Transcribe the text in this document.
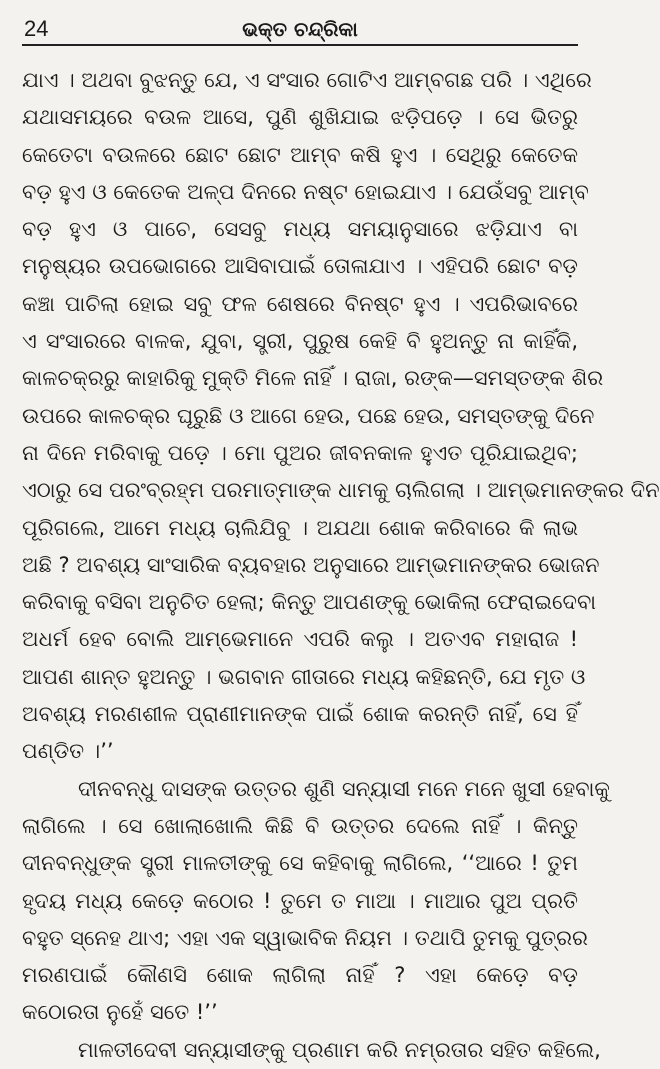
24	ଭକ୍ତ ଚନ୍ଦ୍ରିକା
ଯାଏ । ଅଥବା ବୁଝନ୍ତୁ ଯେ, ଏ ସଂସାର ଗୋଟିଏ ଆମ୍ବଗଛ ପରି । ଏଥିରେ
ଯଥାସମୟରେ ବଉଳ ଆସେ, ପୁଣି ଶୁଖିଯାଇ ଝଡ଼ିପଡ଼େ । ସେ ଭିତରୁ
କେତେଟା ବଉଳରେ ଛୋଟ ଛୋଟ ଆମ୍ବ କଷି ହୁଏ । ସେଥିରୁ କେତେକ
ବଡ଼ ହୁଏ ଓ କେତେକ ଅଳ୍ପ ଦିନରେ ନଷ୍ଟ ହୋଇଯାଏ । ଯେଉଁସବୁ ଆମ୍ବ
ବଡ଼ ହୁଏ ଓ ପାଚେ, ସେସବୁ ମଧ୍ୟ ସମୟାନୁସାରେ ଝଡ଼ିଯାଏ ବା
ମନୁଷ୍ୟର ଉପଭୋଗରେ ଆସିବାପାଇଁ ତୋଳାଯାଏ । ଏହିପରି ଛୋଟ ବଡ଼
କଞ୍ଚା ପାଚିଲା ହୋଇ ସବୁ ଫଳ ଶେଷରେ ବିନଷ୍ଟ ହୁଏ । ଏପରିଭାବରେ
ଏ ସଂସାରରେ ବାଳକ, ଯୁବା, ସ୍ତ୍ରୀ, ପୁରୁଷ କେହି ବି ହୁଅନ୍ତୁ ନା କାହିଁକି,
କାଳଚକ୍ରରୁ କାହାରିକୁ ମୁକ୍ତି ମିଳେ ନାହିଁ । ରାଜା, ରଙ୍କ—ସମସ୍ତଙ୍କ ଶିର
ଉପରେ କାଳଚକ୍ର ଘୂରୁଛି ଓ ଆଗେ ହେଉ, ପଛେ ହେଉ, ସମସ୍ତଙ୍କୁ ଦିନେ
ନା ଦିନେ ମରିବାକୁ ପଡ଼େ । ମୋ ପୁଅର ଜୀବନକାଳ ହୁଏତ ପୂରିଯାଇଥିବ;
ଏଠାରୁ ସେ ପରଂବ୍ରହ୍ମ ପରମାତ୍ମାଙ୍କ ଧାମକୁ ଚାଲିଗଲା । ଆମ୍ଭମାନଙ୍କର ଦିନ
ପୂରିଗଲେ, ଆମେ ମଧ୍ୟ ଚାଲିଯିବୁ । ଅଯଥା ଶୋକ କରିବାରେ କି ଲାଭ
ଅଛି ? ଅବଶ୍ୟ ସାଂସାରିକ ବ୍ୟବହାର ଅନୁସାରେ ଆମ୍ଭମାନଙ୍କର ଭୋଜନ
କରିବାକୁ ବସିବା ଅନୁଚିତ ହେଲା; କିନ୍ତୁ ଆପଣଙ୍କୁ ଭୋକିଲା ଫେରାଇଦେବା
ଅଧର୍ମ ହେବ ବୋଲି ଆମ୍ଭେମାନେ ଏପରି କଲୁ । ଅତଏବ ମହାରାଜ !
ଆପଣ ଶାନ୍ତ ହୁଅନ୍ତୁ । ଭଗବାନ ଗୀତାରେ ମଧ୍ୟ କହିଛନ୍ତି, ଯେ ମୃତ ଓ
ଅବଶ୍ୟ ମରଣଶୀଳ ପ୍ରାଣୀମାନଙ୍କ ପାଇଁ ଶୋକ କରନ୍ତି ନାହିଁ, ସେ ହିଁ
ପଣ୍ଡିତ ।’’
ଦୀନବନ୍ଧୁ ଦାସଙ୍କ ଉତ୍ତର ଶୁଣି ସନ୍ୟାସୀ ମନେ ମନେ ଖୁସୀ ହେବାକୁ
ଲାଗିଲେ । ସେ ଖୋଲାଖୋଲି କିଛି ବି ଉତ୍ତର ଦେଲେ ନାହିଁ । କିନ୍ତୁ
ଦୀନବନ୍ଧୁଙ୍କ ସ୍ତ୍ରୀ ମାଳତୀଙ୍କୁ ସେ କହିବାକୁ ଲାଗିଲେ, ‘‘ଆରେ ! ତୁମ
ହୃଦୟ ମଧ୍ୟ କେଡ଼େ କଠୋର ! ତୁମେ ତ ମାଆ । ମାଆର ପୁଅ ପ୍ରତି
ବହୁତ ସ୍ନେହ ଥାଏ; ଏହା ଏକ ସ୍ୱାଭାବିକ ନିୟମ । ତଥାପି ତୁମକୁ ପୁତ୍ରର
ମରଣପାଇଁ କୌଣସି ଶୋକ ଲାଗିଲା ନାହିଁ ? ଏହା କେଡ଼େ ବଡ଼
କଠୋରତା ନୁହେଁ ସତେ !’’
ମାଳତୀଦେବୀ ସନ୍ୟାସୀଙ୍କୁ ପ୍ରଣାମ କରି ନମ୍ରତାର ସହିତ କହିଲେ,
